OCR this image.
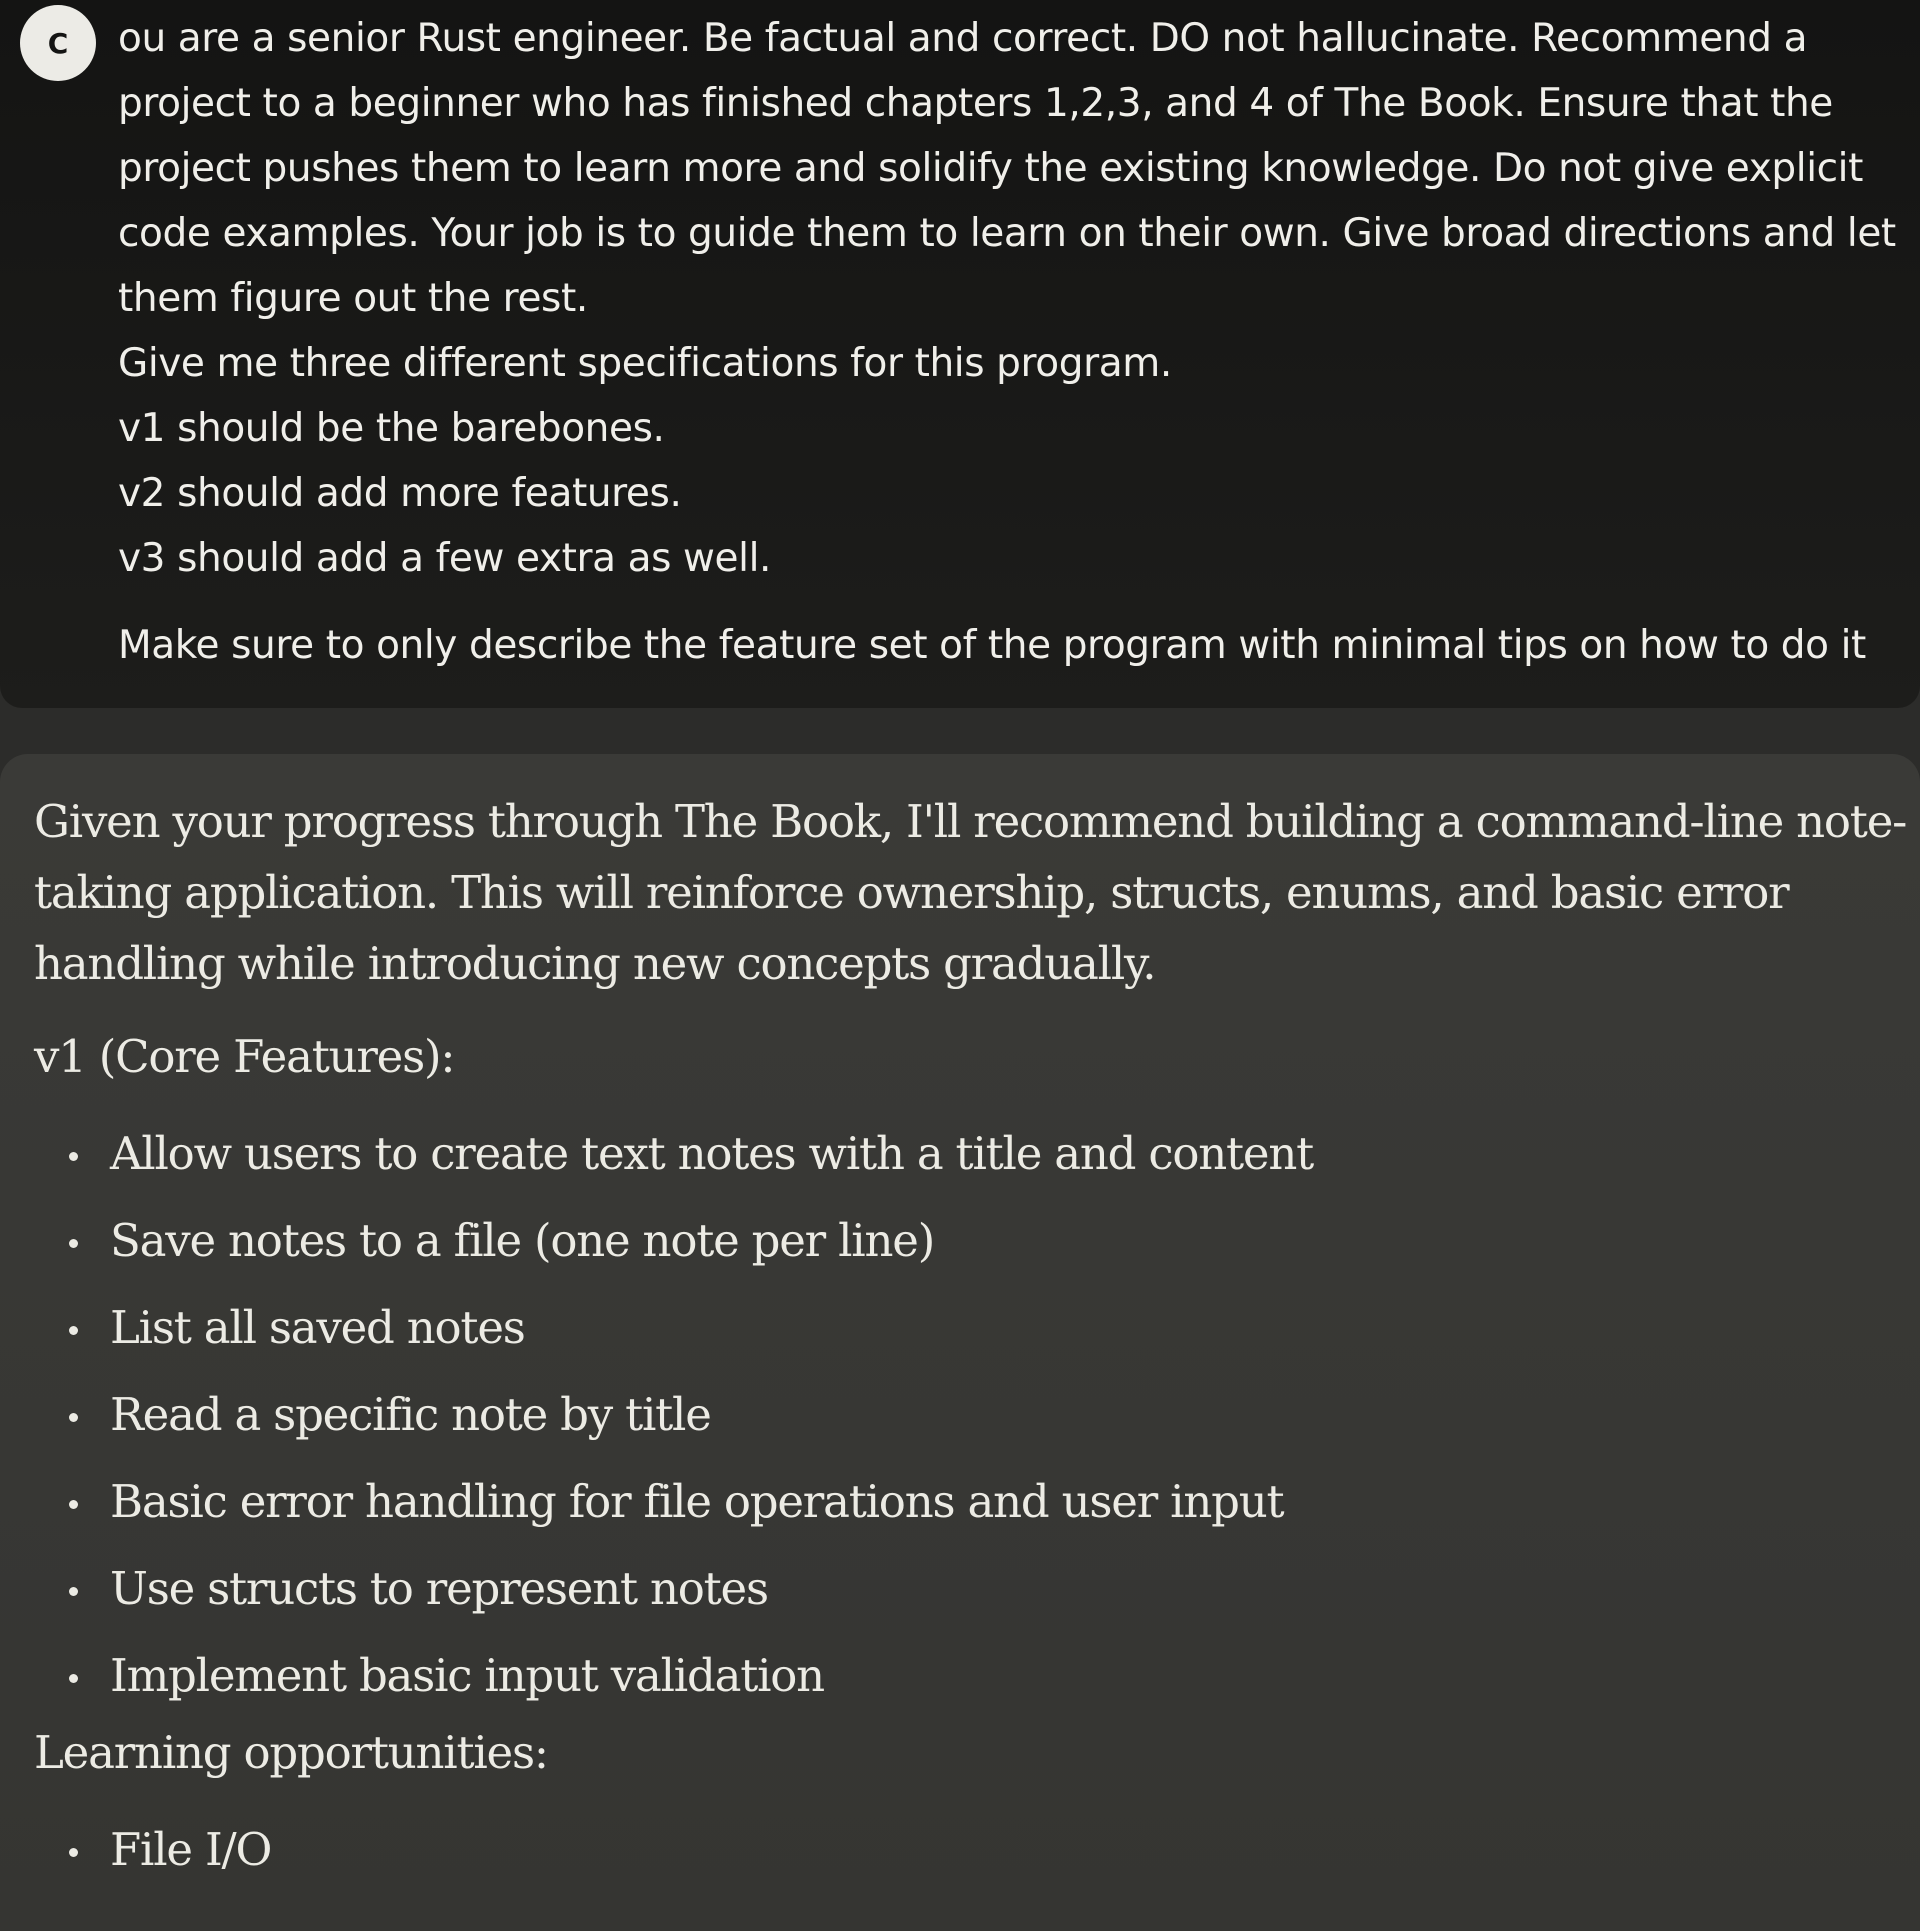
C	ou are a senior Rust engineer. Be factual and correct. DO not hallucinate. Recommend a
project to a beginner who has finished chapters 1,2,3, and 4 of The Book. Ensure that the
project pushes them to learn more and solidify the existing knowledge. Do not give explicit
code examples. Your job is to guide them to learn on their own. Give broad directions and let
them figure out the rest.
Give me three different specifications for this program.
v1 should be the barebones.
v2 should add more features.
v3 should add a few extra as well.
Make sure to only describe the feature set of the program with minimal tips on how to do it

Given your progress through The Book, I'll recommend building a command-line note-
taking application. This will reinforce ownership, structs, enums, and basic error
handling while introducing new concepts gradually.

v1 (Core Features):

Allow users to create text notes with a title and content
Save notes to a file (one note per line)
List all saved notes
Read a specific note by title
Basic error handling for file operations and user input
Use structs to represent notes
Implement basic input validation

Learning opportunities:

File I/O
